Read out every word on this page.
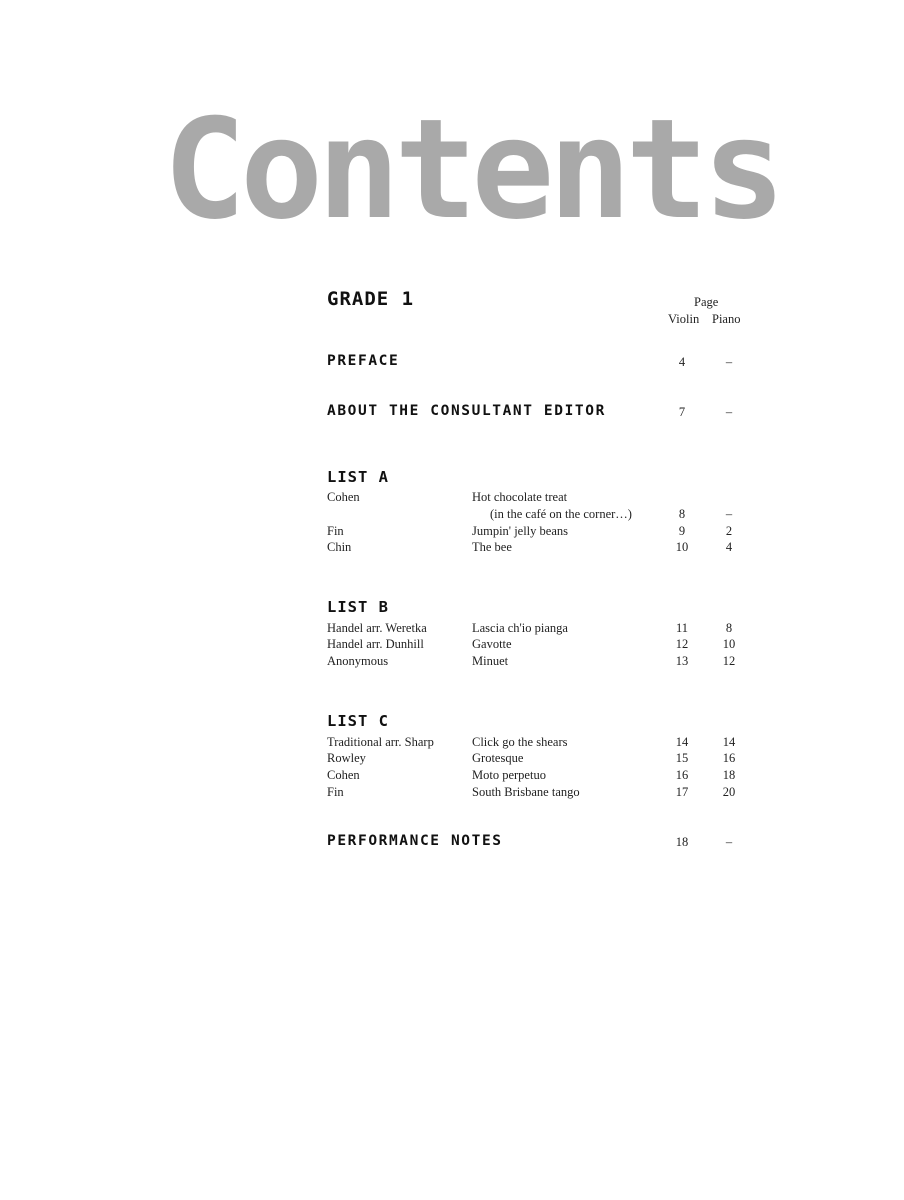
Contents
GRADE 1	Page
Violin Piano
PREFACE	4	–
ABOUT THE CONSULTANT EDITOR	7	–
LIST A
Cohen	Hot chocolate treat
(in the café on the corner…)	8	–
Fin	Jumpin' jelly beans	9	2
Chin	The bee	10	4
LIST B
Handel arr. Weretka	Lascia ch'io pianga	11	8
Handel arr. Dunhill	Gavotte	12	10
Anonymous	Minuet	13	12
LIST C
Traditional arr. Sharp	Click go the shears	14	14
Rowley	Grotesque	15	16
Cohen	Moto perpetuo	16	18
Fin	South Brisbane tango	17	20
PERFORMANCE NOTES	18	–
